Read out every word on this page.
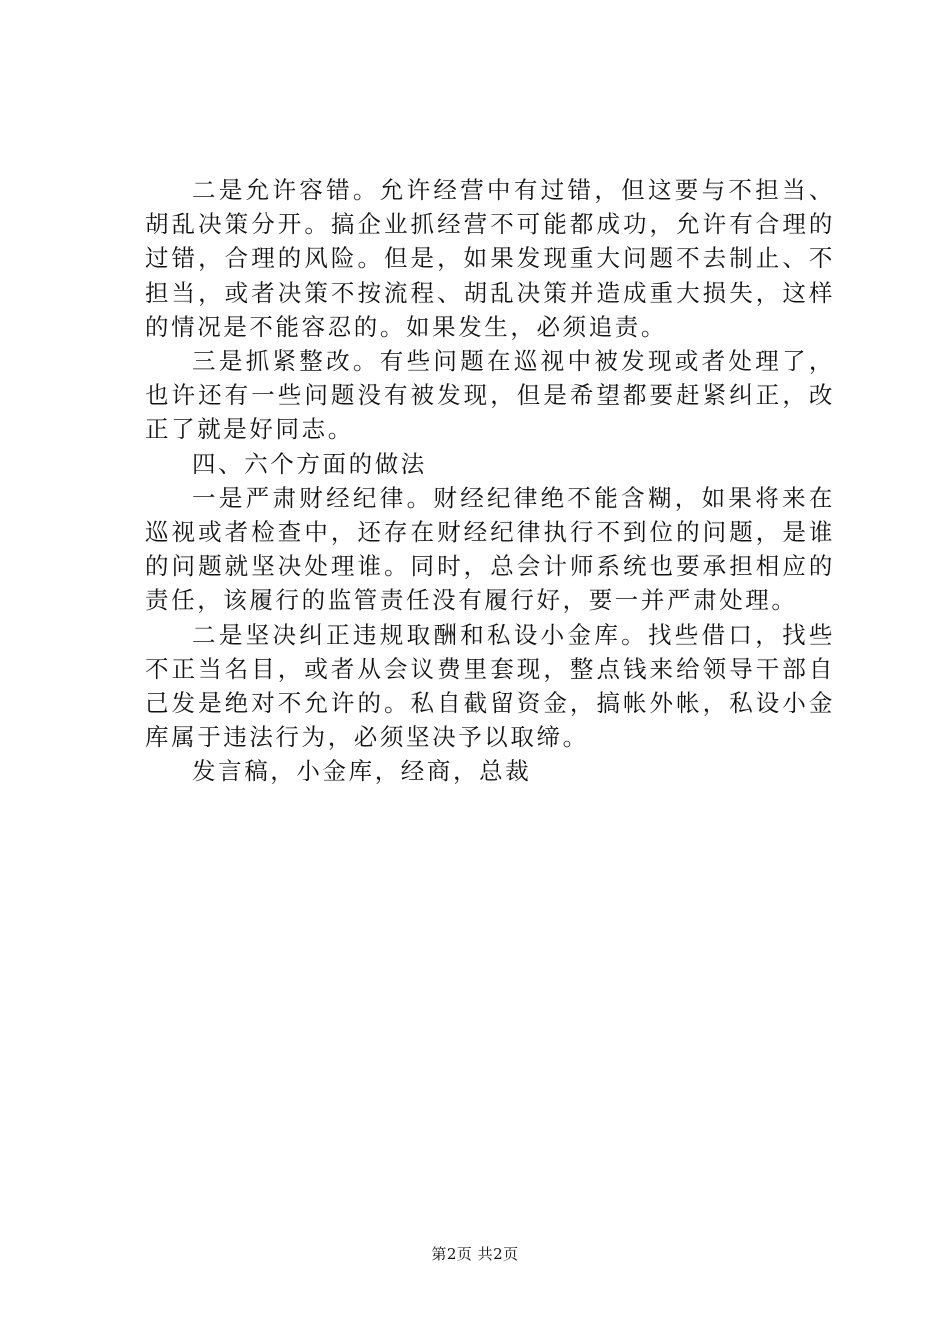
二是允许容错。允许经营中有过错，但这要与不担当、胡乱决策分开。搞企业抓经营不可能都成功，允许有合理的过错，合理的风险。但是，如果发现重大问题不去制止、不担当，或者决策不按流程、胡乱决策并造成重大损失，这样的情况是不能容忍的。如果发生，必须追责。

三是抓紧整改。有些问题在巡视中被发现或者处理了，也许还有一些问题没有被发现，但是希望都要赶紧纠正，改正了就是好同志。

四、六个方面的做法

一是严肃财经纪律。财经纪律绝不能含糊，如果将来在巡视或者检查中，还存在财经纪律执行不到位的问题，是谁的问题就坚决处理谁。同时，总会计师系统也要承担相应的责任，该履行的监管责任没有履行好，要一并严肃处理。

二是坚决纠正违规取酬和私设小金库。找些借口，找些不正当名目，或者从会议费里套现，整点钱来给领导干部自己发是绝对不允许的。私自截留资金，搞帐外帐，私设小金库属于违法行为，必须坚决予以取缔。

发言稿，小金库，经商，总裁

第2页 共2页
